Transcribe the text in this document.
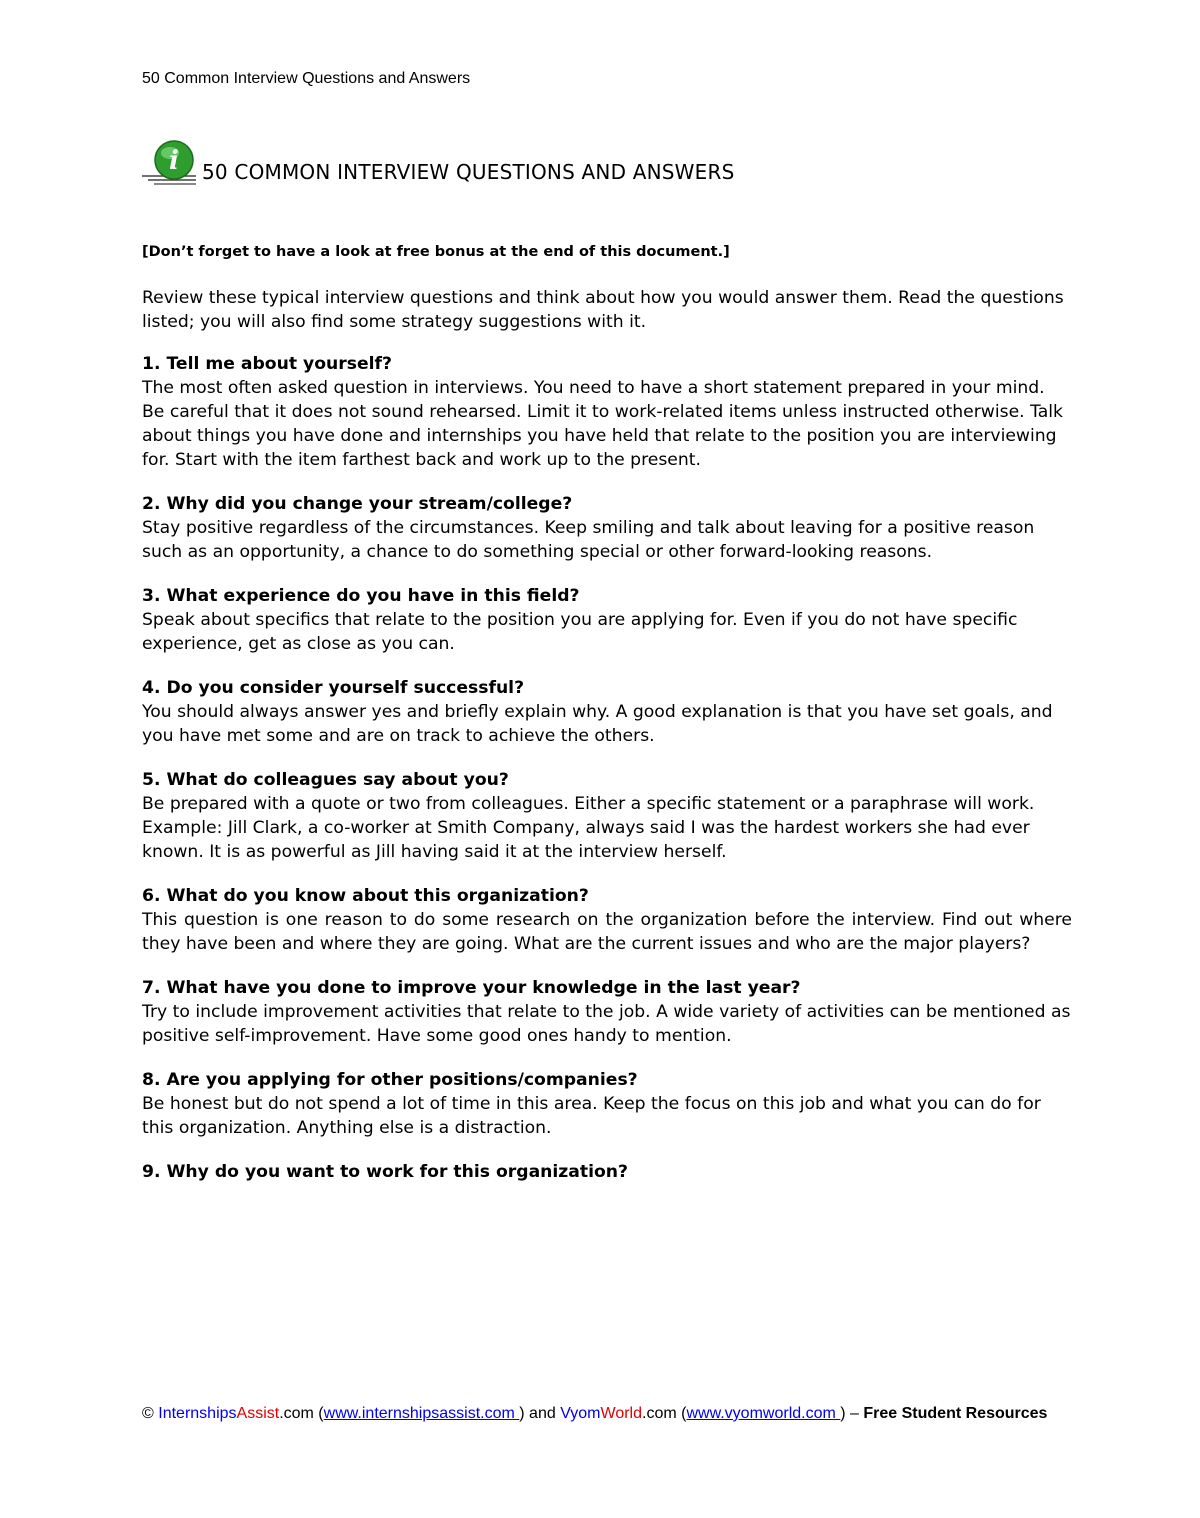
50 Common Interview Questions and Answers
i 50 COMMON INTERVIEW QUESTIONS AND ANSWERS

[Don’t forget to have a look at free bonus at the end of this document.]

Review these typical interview questions and think about how you would answer them. Read the questions listed; you will also find some strategy suggestions with it.

1. Tell me about yourself?

The most often asked question in interviews. You need to have a short statement prepared in your mind. Be careful that it does not sound rehearsed. Limit it to work-related items unless instructed otherwise. Talk about things you have done and internships you have held that relate to the position you are interviewing for. Start with the item farthest back and work up to the present.

2. Why did you change your stream/college?

Stay positive regardless of the circumstances. Keep smiling and talk about leaving for a positive reason such as an opportunity, a chance to do something special or other forward-looking reasons.

3. What experience do you have in this field?

Speak about specifics that relate to the position you are applying for. Even if you do not have specific experience, get as close as you can.

4. Do you consider yourself successful?

You should always answer yes and briefly explain why. A good explanation is that you have set goals, and you have met some and are on track to achieve the others.

5. What do colleagues say about you?

Be prepared with a quote or two from colleagues. Either a specific statement or a paraphrase will work. Example: Jill Clark, a co-worker at Smith Company, always said I was the hardest workers she had ever known. It is as powerful as Jill having said it at the interview herself.

6. What do you know about this organization?

This question is one reason to do some research on the organization before the interview. Find out where they have been and where they are going. What are the current issues and who are the major players?

7. What have you done to improve your knowledge in the last year?

Try to include improvement activities that relate to the job. A wide variety of activities can be mentioned as positive self-improvement. Have some good ones handy to mention.

8. Are you applying for other positions/companies?

Be honest but do not spend a lot of time in this area. Keep the focus on this job and what you can do for this organization. Anything else is a distraction.

9. Why do you want to work for this organization?

© InternshipsAssist.com (www.internshipsassist.com ) and VyomWorld.com (www.vyomworld.com ) – Free Student Resources
